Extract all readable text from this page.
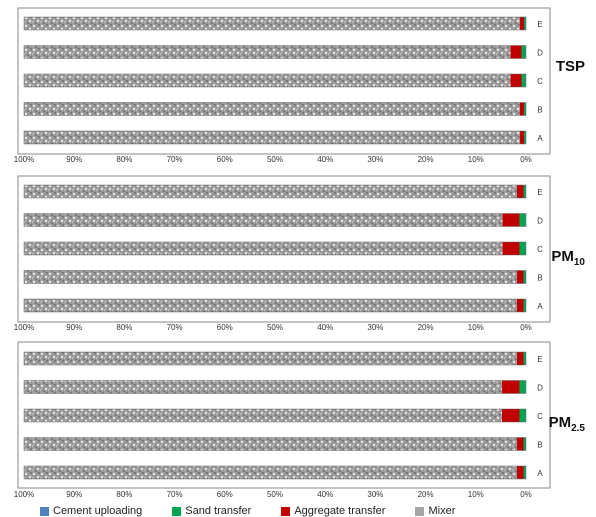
A
B
C
D
E
100%	90%	80%	70%	60%	50%	40%	30%	20%	10%	0%
TSP
A
B
C
D
E
100%	90%	80%	70%	60%	50%	40%	30%	20%	10%	0%
$PM_{10}$
A
B
C
D
E
100%	90%	80%	70%	60%	50%	40%	30%	20%	10%	0%
$PM_{2.5}$
Cement uploading	Sand transfer	Aggregate transfer	Mixer
